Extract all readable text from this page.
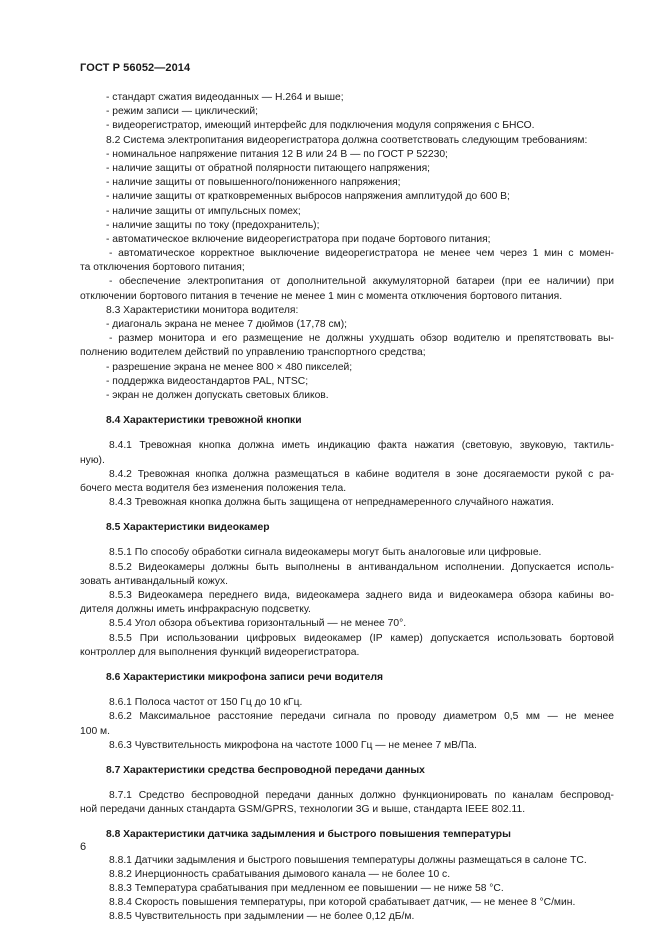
ГОСТ Р 56052—2014
- стандарт сжатия видеоданных — H.264 и выше;
- режим записи — циклический;
- видеорегистратор, имеющий интерфейс для подключения модуля сопряжения с БНСО.
8.2 Система электропитания видеорегистратора должна соответствовать следующим требованиям:
- номинальное напряжение питания 12 В или 24 В — по ГОСТ Р 52230;
- наличие защиты от обратной полярности питающего напряжения;
- наличие защиты от повышенного/пониженного напряжения;
- наличие защиты от кратковременных выбросов напряжения амплитудой до 600 В;
- наличие защиты от импульсных помех;
- наличие защиты по току (предохранитель);
- автоматическое включение видеорегистратора при подаче бортового питания;
- автоматическое корректное выключение видеорегистратора не менее чем через 1 мин с момен-
та отключения бортового питания;
- обеспечение электропитания от дополнительной аккумуляторной батареи (при ее наличии) при
отключении бортового питания в течение не менее 1 мин с момента отключения бортового питания.
8.3 Характеристики монитора водителя:
- диагональ экрана не менее 7 дюймов (17,78 см);
- размер монитора и его размещение не должны ухудшать обзор водителю и препятствовать вы-
полнению водителем действий по управлению транспортного средства;
- разрешение экрана не менее 800 × 480 пикселей;
- поддержка видеостандартов PAL, NTSC;
- экран не должен допускать световых бликов.
8.4 Характеристики тревожной кнопки
8.4.1 Тревожная кнопка должна иметь индикацию факта нажатия (световую, звуковую, тактиль-
ную).
8.4.2 Тревожная кнопка должна размещаться в кабине водителя в зоне досягаемости рукой с ра-
бочего места водителя без изменения положения тела.
8.4.3 Тревожная кнопка должна быть защищена от непреднамеренного случайного нажатия.
8.5 Характеристики видеокамер
8.5.1 По способу обработки сигнала видеокамеры могут быть аналоговые или цифровые.
8.5.2 Видеокамеры должны быть выполнены в антивандальном исполнении. Допускается исполь-
зовать антивандальный кожух.
8.5.3 Видеокамера переднего вида, видеокамера заднего вида и видеокамера обзора кабины во-
дителя должны иметь инфракрасную подсветку.
8.5.4 Угол обзора объектива горизонтальный — не менее 70°.
8.5.5 При использовании цифровых видеокамер (IP камер) допускается использовать бортовой
контроллер для выполнения функций видеорегистратора.
8.6 Характеристики микрофона записи речи водителя
8.6.1 Полоса частот от 150 Гц до 10 кГц.
8.6.2 Максимальное расстояние передачи сигнала по проводу диаметром 0,5 мм — не менее
100 м.
8.6.3 Чувствительность микрофона на частоте 1000 Гц — не менее 7 мВ/Па.
8.7 Характеристики средства беспроводной передачи данных
8.7.1 Средство беспроводной передачи данных должно функционировать по каналам беспровод-
ной передачи данных стандарта GSM/GPRS, технологии 3G и выше, стандарта IEEE 802.11.
8.8 Характеристики датчика задымления и быстрого повышения температуры
8.8.1 Датчики задымления и быстрого повышения температуры должны размещаться в салоне ТС.
8.8.2 Инерционность срабатывания дымового канала — не более 10 с.
8.8.3 Температура срабатывания при медленном ее повышении — не ниже 58 °С.
8.8.4 Скорость повышения температуры, при которой срабатывает датчик, — не менее 8 °С/мин.
8.8.5 Чувствительность при задымлении — не более 0,12 дБ/м.
6
